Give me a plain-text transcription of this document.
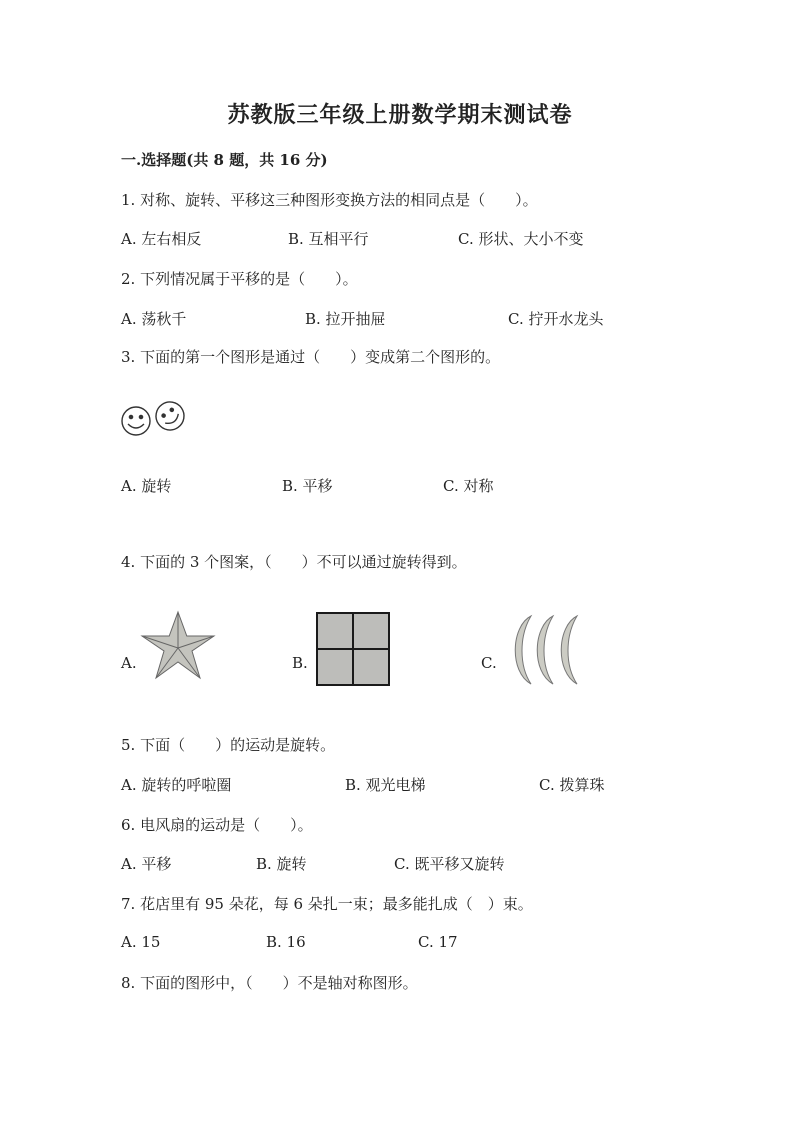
苏教版三年级上册数学期末测试卷
一.选择题(共 8 题，共 16 分)
1. 对称、旋转、平移这三种图形变换方法的相同点是（　　）。
A. 左右相反	B. 互相平行	C. 形状、大小不变
2. 下列情况属于平移的是（　　）。
A. 荡秋千	B. 拉开抽屉	C. 拧开水龙头
3. 下面的第一个图形是通过（　　）变成第二个图形的。
A. 旋转	B. 平移	C. 对称
4. 下面的 3 个图案，（　　）不可以通过旋转得到。
A.	B.	C.
5. 下面（　　）的运动是旋转。
A. 旋转的呼啦圈	B. 观光电梯	C. 拨算珠
6. 电风扇的运动是（　　）。
A. 平移	B. 旋转	C. 既平移又旋转
7. 花店里有 95 朵花，每 6 朵扎一束；最多能扎成（　）束。
A. 15	B. 16	C. 17
8. 下面的图形中，（　　）不是轴对称图形。
